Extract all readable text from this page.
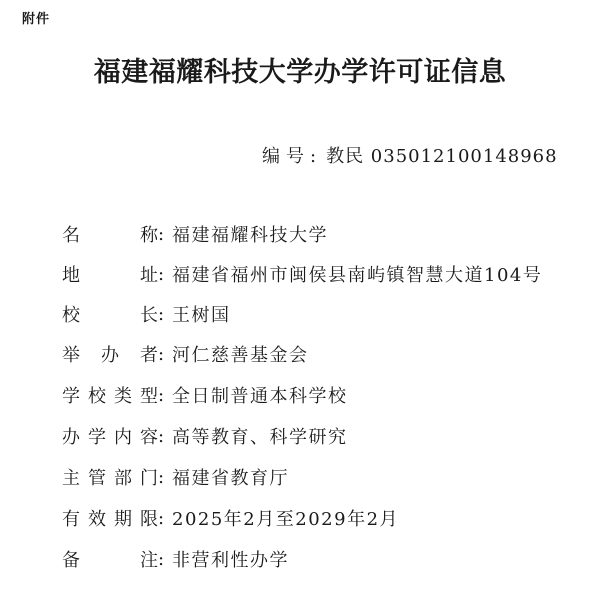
附件
福建福耀科技大学办学许可证信息
编号: 教民 035012100148968
名	称 : 福建福耀科技大学
地	址 : 福建省福州市闽侯县南屿镇智慧大道104号
校	长 : 王树国
举 办 者 : 河仁慈善基金会
学 校 类 型 : 全日制普通本科学校
办 学 内 容 : 高等教育、科学研究
主 管 部 门 : 福建省教育厅
有 效 期 限 : 2025年2月至2029年2月
备	注 : 非营利性办学
